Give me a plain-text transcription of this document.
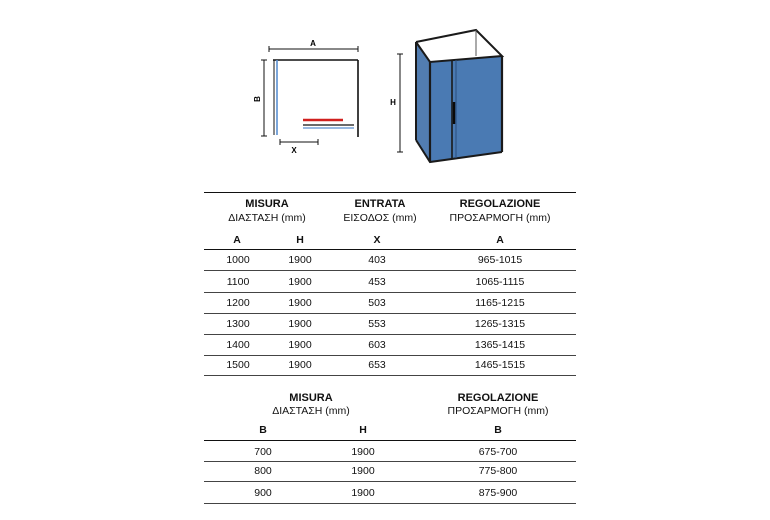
A
B
X
H
MISURA
ΔΙΑΣΤΑΣΗ (mm)
ENTRATA
ΕΙΣΟΔΟΣ (mm)
REGOLAZIONE
ΠΡΟΣΑΡΜΟΓΗ (mm)
A	H	X	A
1000	1900	403	965-1015
1100	1900	453	1065-1115
1200	1900	503	1165-1215
1300	1900	553	1265-1315
1400	1900	603	1365-1415
1500	1900	653	1465-1515
MISURA
ΔΙΑΣΤΑΣΗ (mm)
REGOLAZIONE
ΠΡΟΣΑΡΜΟΓΗ (mm)
B	H	B
700	1900	675-700
800	1900	775-800
900	1900	875-900
